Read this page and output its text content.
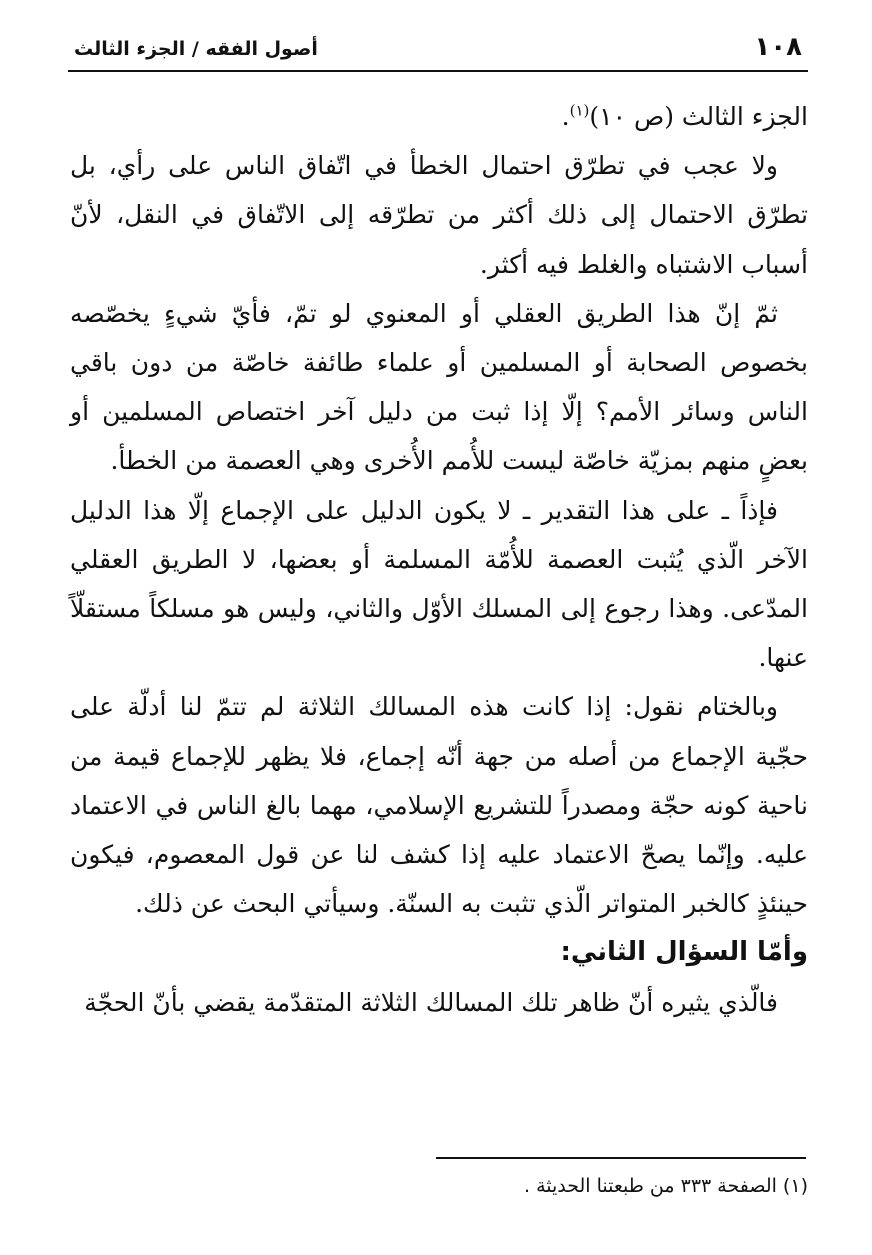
١٠٨
أصول الفقه / الجزء الثالث

الجزء الثالث (ص ١٠)$^{(١)}$.

ولا عجب في تطرّق احتمال الخطأ في اتّفاق الناس على رأي، بل تطرّق الاحتمال إلى ذلك أكثر من تطرّقه إلى الاتّفاق في النقل، لأنّ أسباب الاشتباه والغلط فيه أكثر.

ثمّ إنّ هذا الطريق العقلي أو المعنوي لو تمّ، فأيّ شيءٍ يخصّصه بخصوص الصحابة أو المسلمين أو علماء طائفة خاصّة من دون باقي الناس وسائر الأمم؟ إلّا إذا ثبت من دليل آخر اختصاص المسلمين أو بعضٍ منهم بمزيّة خاصّة ليست للأُمم الأُخرى وهي العصمة من الخطأ.

فإذاً ـ على هذا التقدير ـ لا يكون الدليل على الإجماع إلّا هذا الدليل الآخر الّذي يُثبت العصمة للأُمّة المسلمة أو بعضها، لا الطريق العقلي المدّعى. وهذا رجوع إلى المسلك الأوّل والثاني، وليس هو مسلكاً مستقلّاً عنها.

وبالختام نقول: إذا كانت هذه المسالك الثلاثة لم تتمّ لنا أدلّة على حجّية الإجماع من أصله من جهة أنّه إجماع، فلا يظهر للإجماع قيمة من ناحية كونه حجّة ومصدراً للتشريع الإسلامي، مهما بالغ الناس في الاعتماد عليه. وإنّما يصحّ الاعتماد عليه إذا كشف لنا عن قول المعصوم، فيكون حينئذٍ كالخبر المتواتر الّذي تثبت به السنّة. وسيأتي البحث عن ذلك.

وأمّا السؤال الثاني:

فالّذي يثيره أنّ ظاهر تلك المسالك الثلاثة المتقدّمة يقضي بأنّ الحجّة

(١) الصفحة ٣٣٣ من طبعتنا الحديثة .
